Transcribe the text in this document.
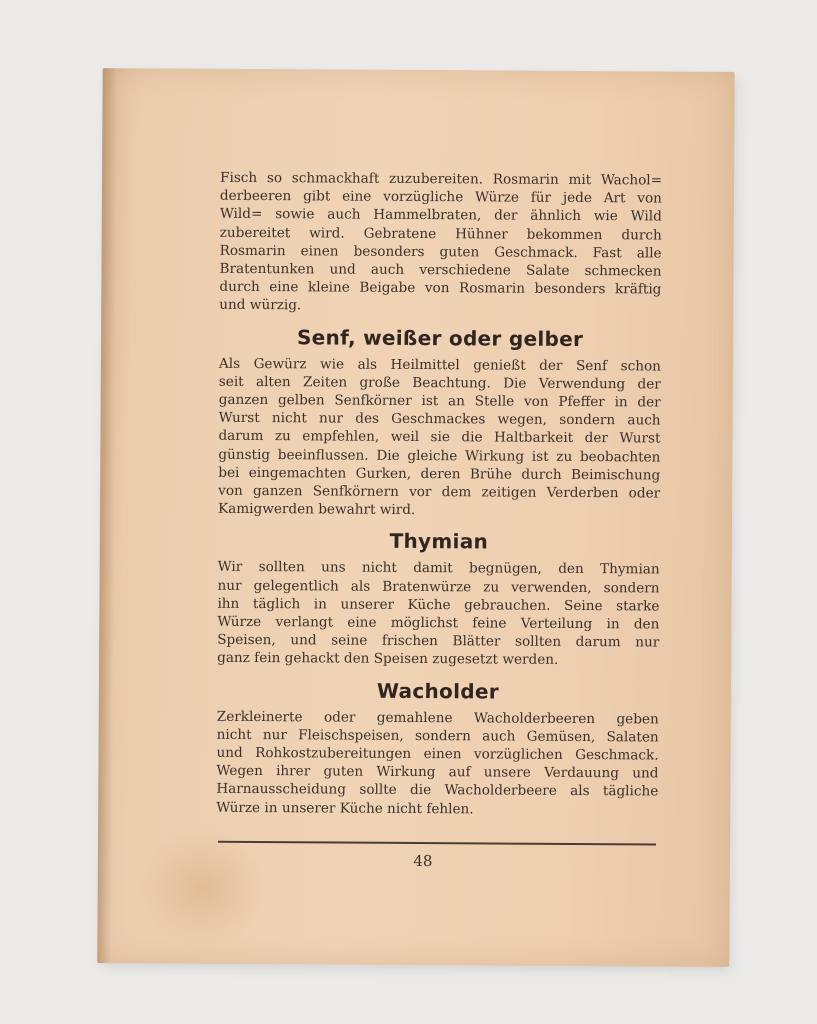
Fisch so schmackhaft zuzubereiten. Rosmarin mit Wachol=
derbeeren gibt eine vorzügliche Würze für jede Art von
Wild= sowie auch Hammelbraten, der ähnlich wie Wild
zubereitet wird. Gebratene Hühner bekommen durch
Rosmarin einen besonders guten Geschmack. Fast alle
Bratentunken und auch verschiedene Salate schmecken
durch eine kleine Beigabe von Rosmarin besonders kräftig
und würzig.

Senf, weißer oder gelber

Als Gewürz wie als Heilmittel genießt der Senf schon
seit alten Zeiten große Beachtung. Die Verwendung der
ganzen gelben Senfkörner ist an Stelle von Pfeffer in der
Wurst nicht nur des Geschmackes wegen, sondern auch
darum zu empfehlen, weil sie die Haltbarkeit der Wurst
günstig beeinflussen. Die gleiche Wirkung ist zu beobachten
bei eingemachten Gurken, deren Brühe durch Beimischung
von ganzen Senfkörnern vor dem zeitigen Verderben oder
Kamigwerden bewahrt wird.

Thymian

Wir sollten uns nicht damit begnügen, den Thymian
nur gelegentlich als Bratenwürze zu verwenden, sondern
ihn täglich in unserer Küche gebrauchen. Seine starke
Würze verlangt eine möglichst feine Verteilung in den
Speisen, und seine frischen Blätter sollten darum nur
ganz fein gehackt den Speisen zugesetzt werden.

Wacholder

Zerkleinerte oder gemahlene Wacholderbeeren geben
nicht nur Fleischspeisen, sondern auch Gemüsen, Salaten
und Rohkostzubereitungen einen vorzüglichen Geschmack.
Wegen ihrer guten Wirkung auf unsere Verdauung und
Harnausscheidung sollte die Wacholderbeere als tägliche
Würze in unserer Küche nicht fehlen.

48
